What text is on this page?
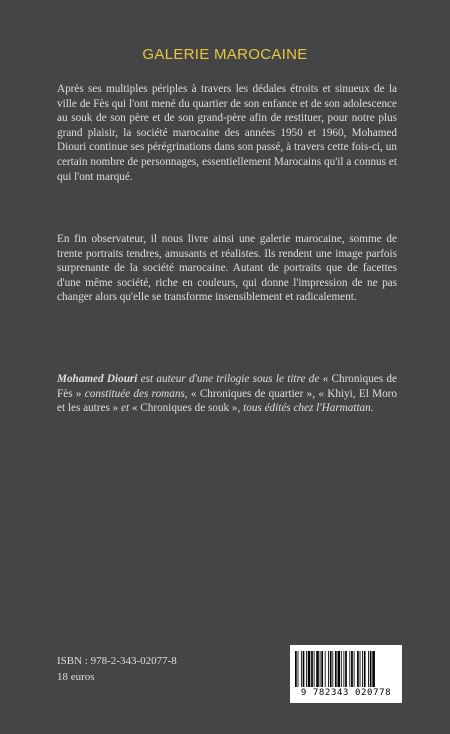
GALERIE MAROCAINE

Après ses multiples périples à travers les dédales étroits et sinueux de la ville de Fès qui l'ont mené du quartier de son enfance et de son adolescence au souk de son père et de son grand-père afin de restituer, pour notre plus grand plaisir, la société marocaine des années 1950 et 1960, Mohamed Diouri continue ses pérégrinations dans son passé, à travers cette fois-ci, un certain nombre de personnages, essentiellement Marocains qu'il a connus et qui l'ont marqué.

En fin observateur, il nous livre ainsi une galerie marocaine, somme de trente portraits tendres, amusants et réalistes. Ils rendent une image parfois surprenante de la société marocaine. Autant de portraits que de facettes d'une même société, riche en couleurs, qui donne l'impression de ne pas changer alors qu'elle se transforme insensiblement et radicalement.

Mohamed Diouri est auteur d'une trilogie sous le titre de « Chroniques de Fès » constituée des romans, « Chroniques de quartier », « Khiyi, El Moro et les autres » et « Chroniques de souk », tous édités chez l'Harmattan.

ISBN : 978-2-343-02077-8
18 euros
9 782343 020778
